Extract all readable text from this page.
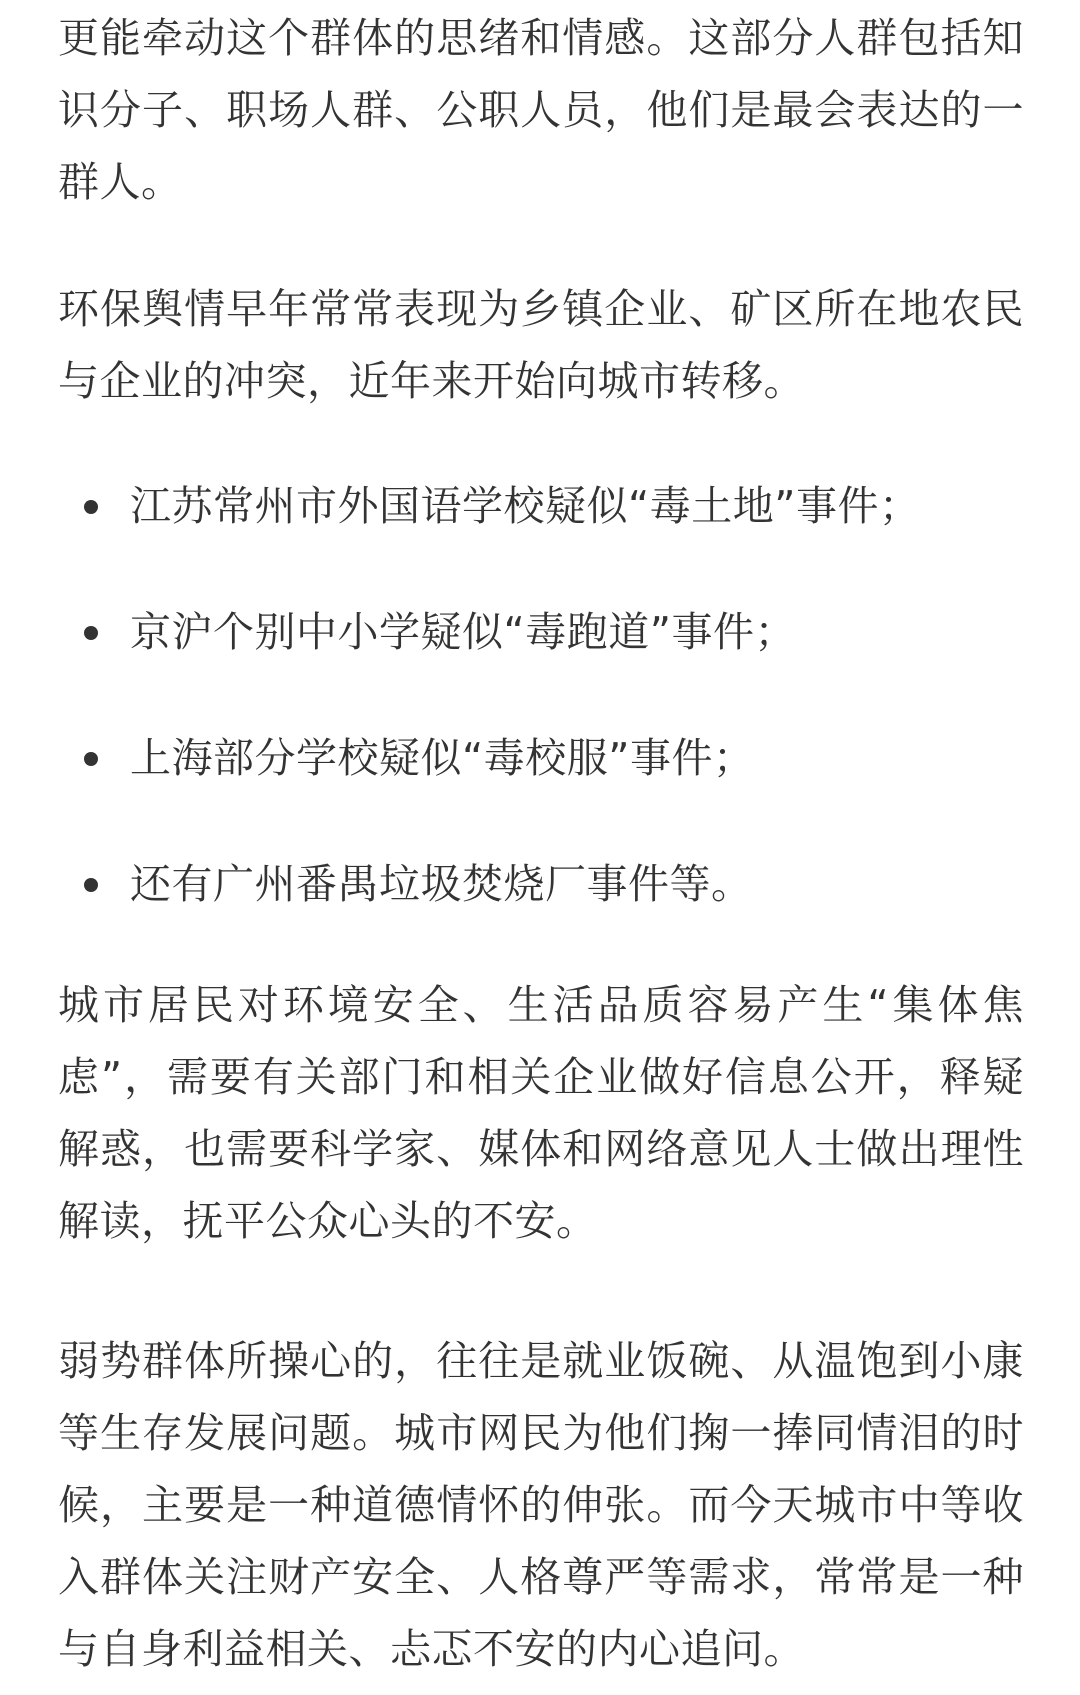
更能牵动这个群体的思绪和情感。这部分人群包括知识分子、职场人群、公职人员，他们是最会表达的一群人。

环保舆情早年常常表现为乡镇企业、矿区所在地农民与企业的冲突，近年来开始向城市转移。

江苏常州市外国语学校疑似“毒土地”事件；
京沪个别中小学疑似“毒跑道”事件；
上海部分学校疑似“毒校服”事件；
还有广州番禺垃圾焚烧厂事件等。

城市居民对环境安全、生活品质容易产生“集体焦虑”，需要有关部门和相关企业做好信息公开，释疑解惑，也需要科学家、媒体和网络意见人士做出理性解读，抚平公众心头的不安。

弱势群体所操心的，往往是就业饭碗、从温饱到小康等生存发展问题。城市网民为他们掬一捧同情泪的时候，主要是一种道德情怀的伸张。而今天城市中等收入群体关注财产安全、人格尊严等需求，常常是一种与自身利益相关、忐忑不安的内心追问。
